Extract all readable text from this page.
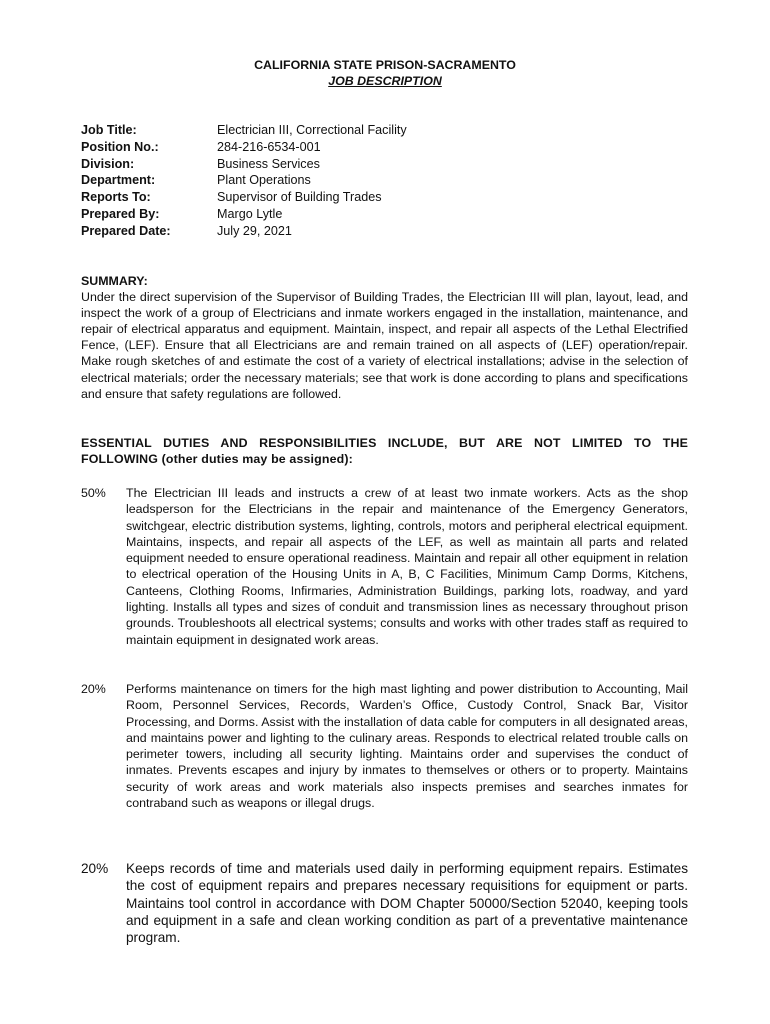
CALIFORNIA STATE PRISON-SACRAMENTO
JOB DESCRIPTION
Job Title:	Electrician III, Correctional Facility
Position No.:	284-216-6534-001
Division:	Business Services
Department:	Plant Operations
Reports To:	Supervisor of Building Trades
Prepared By:	Margo Lytle
Prepared Date:	July 29, 2021
SUMMARY:
Under the direct supervision of the Supervisor of Building Trades, the Electrician III will plan, layout, lead, and inspect the work of a group of Electricians and inmate workers engaged in the installation, maintenance, and repair of electrical apparatus and equipment. Maintain, inspect, and repair all aspects of the Lethal Electrified Fence, (LEF). Ensure that all Electricians are and remain trained on all aspects of (LEF) operation/repair. Make rough sketches of and estimate the cost of a variety of electrical installations; advise in the selection of electrical materials; order the necessary materials; see that work is done according to plans and specifications and ensure that safety regulations are followed.
ESSENTIAL DUTIES AND RESPONSIBILITIES INCLUDE, BUT ARE NOT LIMITED TO THE FOLLOWING (other duties may be assigned):
50%	The Electrician III leads and instructs a crew of at least two inmate workers. Acts as the shop leadsperson for the Electricians in the repair and maintenance of the Emergency Generators, switchgear, electric distribution systems, lighting, controls, motors and peripheral electrical equipment. Maintains, inspects, and repair all aspects of the LEF, as well as maintain all parts and related equipment needed to ensure operational readiness. Maintain and repair all other equipment in relation to electrical operation of the Housing Units in A, B, C Facilities, Minimum Camp Dorms, Kitchens, Canteens, Clothing Rooms, Infirmaries, Administration Buildings, parking lots, roadway, and yard lighting. Installs all types and sizes of conduit and transmission lines as necessary throughout prison grounds. Troubleshoots all electrical systems; consults and works with other trades staff as required to maintain equipment in designated work areas.
20%	Performs maintenance on timers for the high mast lighting and power distribution to Accounting, Mail Room, Personnel Services, Records, Warden’s Office, Custody Control, Snack Bar, Visitor Processing, and Dorms. Assist with the installation of data cable for computers in all designated areas, and maintains power and lighting to the culinary areas. Responds to electrical related trouble calls on perimeter towers, including all security lighting. Maintains order and supervises the conduct of inmates. Prevents escapes and injury by inmates to themselves or others or to property. Maintains security of work areas and work materials also inspects premises and searches inmates for contraband such as weapons or illegal drugs.
20%	Keeps records of time and materials used daily in performing equipment repairs. Estimates the cost of equipment repairs and prepares necessary requisitions for equipment or parts. Maintains tool control in accordance with DOM Chapter 50000/Section 52040, keeping tools and equipment in a safe and clean working condition as part of a preventative maintenance program.
